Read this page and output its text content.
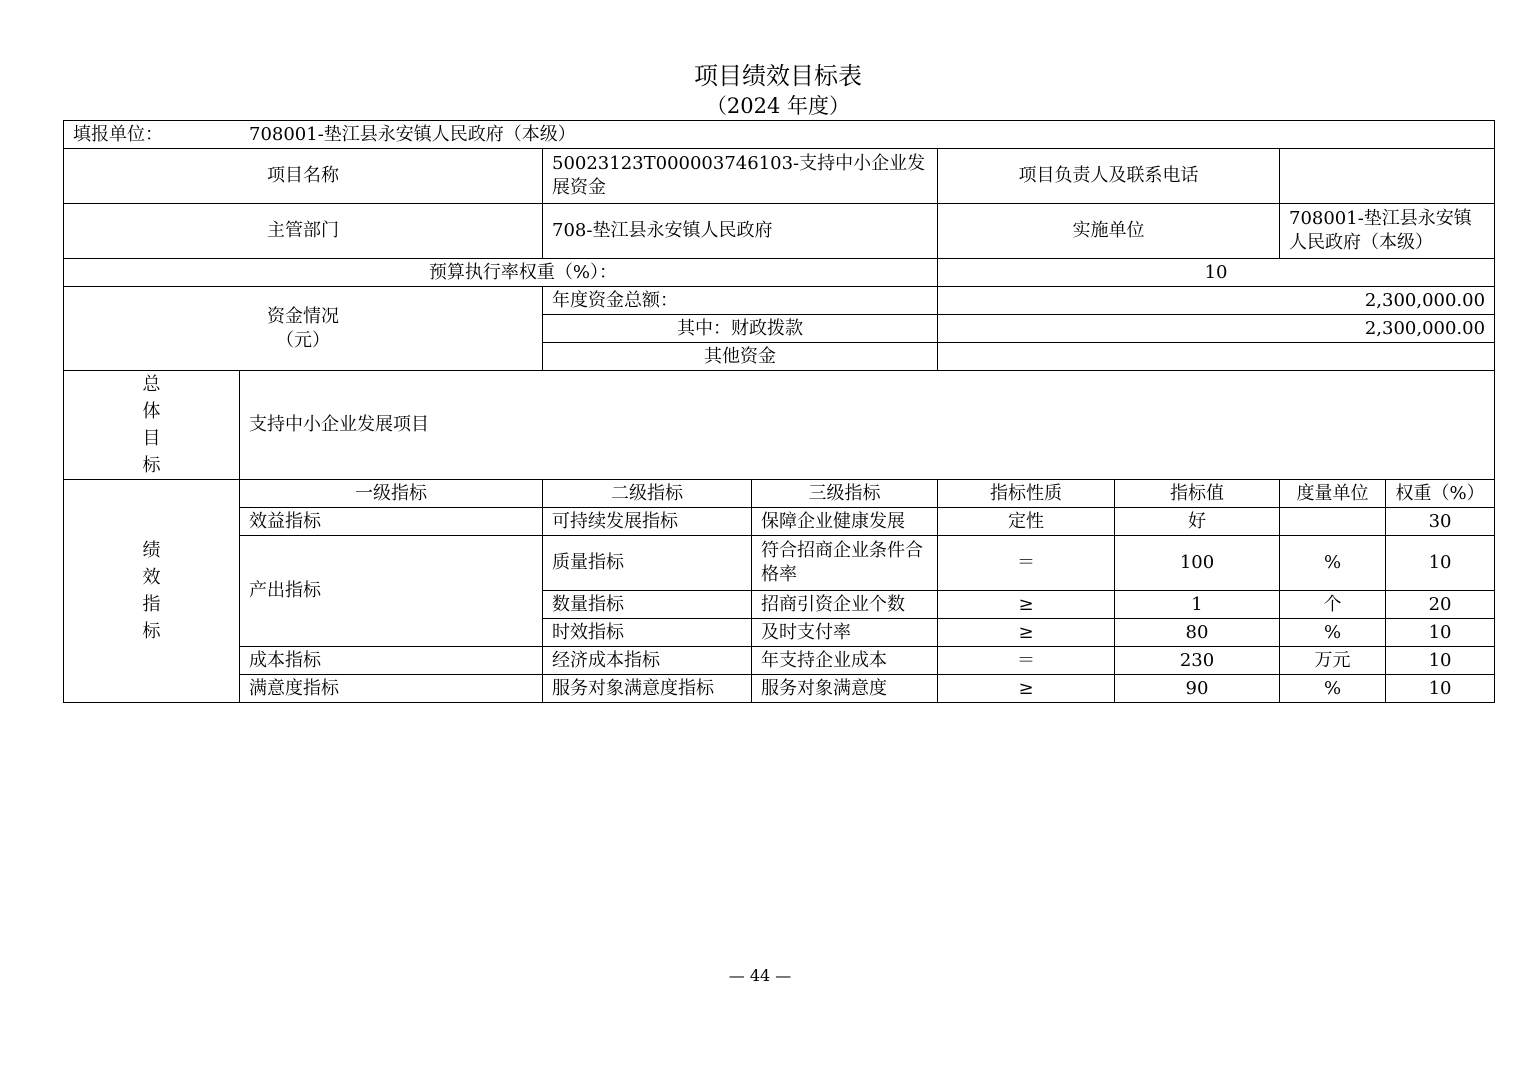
项目绩效目标表
（2024 年度）
填报单位： 708001-垫江县永安镇人民政府（本级）							
项目名称		50023123T000003746103-支持中小企业发展资金		项目负责人及联系电话			
主管部门		708-垫江县永安镇人民政府		实施单位		708001-垫江县永安镇人民政府（本级）	
预算执行率权重（%）：				10			

资金情况
（元）		年度资金总额：		2,300,000.00			
		其中：财政拨款		2,300,000.00			
		其他资金					

总
体
目
标	支持中小企业发展项目						

绩
效
指
标	一级指标	二级指标	三级指标	指标性质	指标值	度量单位	权重（%）
	效益指标	可持续发展指标	保障企业健康发展	定性	好		30
	产出指标	质量指标	符合招商企业条件合格率	＝	100	%	10
		数量指标	招商引资企业个数	≥	1	个	20
		时效指标	及时支付率	≥	80	%	10
	成本指标	经济成本指标	年支持企业成本	＝	230	万元	10
	满意度指标	服务对象满意度指标	服务对象满意度	≥	90	%	10
— 44 —
